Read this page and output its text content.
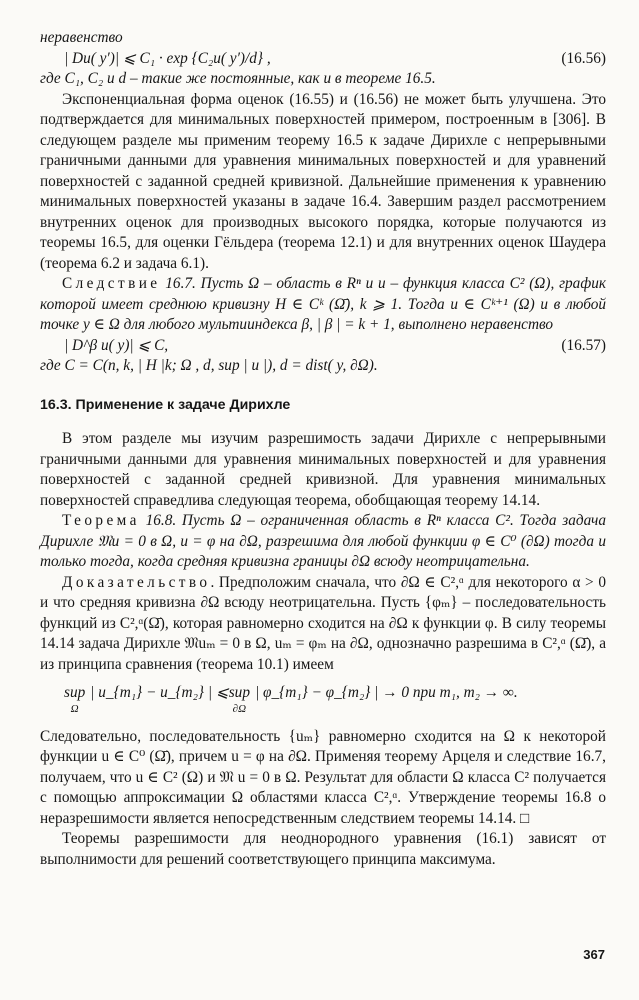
неравенство

| Du( y′)| ⩽ C₁ · exp {C₂u( y′)/d} ,	(16.56)

где C₁, C₂ и d – такие же постоянные, как и в теореме 16.5.

Экспоненциальная форма оценок (16.55) и (16.56) не может быть улучшена. Это подтверждается для минимальных поверхностей примером, построенным в [306]. В следующем разделе мы применим теорему 16.5 к задаче Дирихле с непрерывными граничными данными для уравнения минимальных поверхностей и для уравнений поверхностей с заданной средней кривизной. Дальнейшие применения к уравнению минимальных поверхностей указаны в задаче 16.4. Завершим раздел рассмотрением внутренних оценок для производных высокого порядка, которые получаются из теоремы 16.5, для оценки Гёльдера (теорема 12.1) и для внутренних оценок Шаудера (теорема 6.2 и задача 6.1).

Следствие 16.7. Пусть Ω – область в Rⁿ и u – функция класса C² (Ω), график которой имеет среднюю кривизну H ∈ Cᵏ (Ω̄), k ⩾ 1. Тогда u ∈ Cᵏ⁺¹ (Ω) и в любой точке y ∈ Ω для любого мультииндекса β, | β | = k + 1, выполнено неравенство

| D^β u( y)| ⩽ C,	(16.57)

где C = C(n, k, | H |k; Ω , d, sup | u |), d = dist( y, ∂Ω).

16.3. Применение к задаче Дирихле

В этом разделе мы изучим разрешимость задачи Дирихле с непрерывными граничными данными для уравнения минимальных поверхностей и для уравнения поверхностей с заданной средней кривизной. Для уравнения минимальных поверхностей справедлива следующая теорема, обобщающая теорему 14.14.

Теорема 16.8. Пусть Ω – ограниченная область в Rⁿ класса C². Тогда задача Дирихле 𝔐u = 0 в Ω, u = φ на ∂Ω, разрешима для любой функции φ ∈ C⁰ (∂Ω) тогда и только тогда, когда средняя кривизна границы ∂Ω всюду неотрицательна.

Доказательство. Предположим сначала, что ∂Ω ∈ C²,ᵅ для некоторого α > 0 и что средняя кривизна ∂Ω всюду неотрицательна. Пусть {φₘ} – последовательность функций из C²,ᵅ(Ω̄), которая равномерно сходится на ∂Ω к функции φ. В силу теоремы 14.14 задача Дирихле 𝔐uₘ = 0 в Ω, uₘ = φₘ на ∂Ω, однозначно разрешима в C²,ᵅ (Ω̄), а из принципа сравнения (теорема 10.1) имеем

sup
Ω
| u_{m₁} − u_{m₂} | ⩽ sup
∂Ω
| φ_{m₁} − φ_{m₂} | → 0 при m₁, m₂ → ∞.

Следовательно, последовательность {uₘ} равномерно сходится на Ω к некоторой функции u ∈ C⁰ (Ω̄), причем u = φ на ∂Ω. Применяя теорему Арцеля и следствие 16.7, получаем, что u ∈ C² (Ω) и 𝔐 u = 0 в Ω. Результат для области Ω класса C² получается с помощью аппроксимации Ω областями класса C²,ᵅ. Утверждение теоремы 16.8 о неразрешимости является непосредственным следствием теоремы 14.14. □

Теоремы разрешимости для неоднородного уравнения (16.1) зависят от выполнимости для решений соответствующего принципа максимума.

367
